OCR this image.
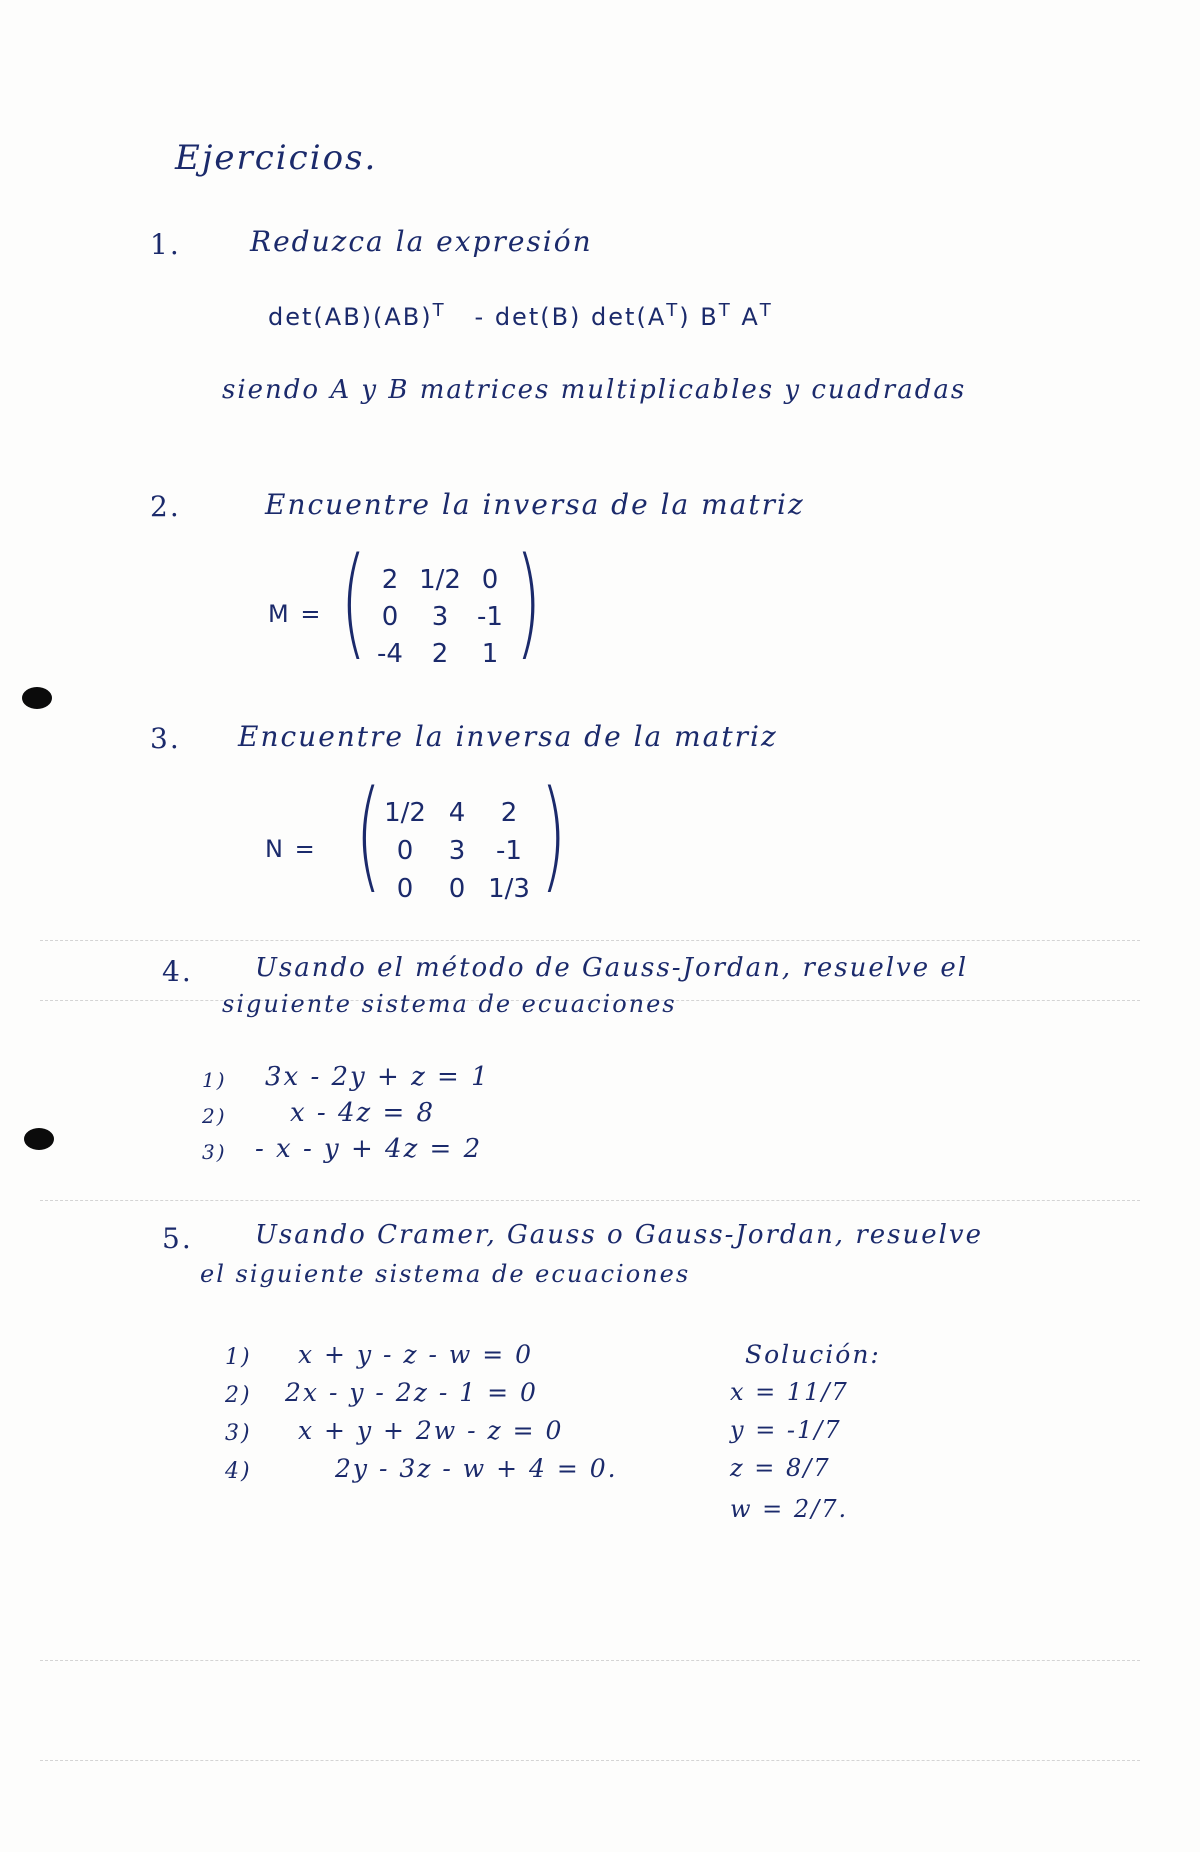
Ejercicios.
1. Reduzca la expresión
det(AB)(AB)$^T$ - det(B) $\det(A^T)$ $B^T$ $A^T$
siendo A y B matrices multiplicables y cuadradas
2.	Encuentre la inversa de la matriz
M = ( )
2 1/2 0
0	3	-1
-4	2	1
3. Encuentre la inversa de la matriz
N = ( )
1/2 4	2
0	3	-1
0	0 1/3
4. Usando el método de Gauss-Jordan, resuelve el
siguiente sistema de ecuaciones
1) 3x - 2y + z = 1
2) x - 4z = 8
3) - x - y + 4z = 2
5. Usando Cramer, Gauss o Gauss-Jordan, resuelve
el siguiente sistema de ecuaciones
1) x + y - z - w = 0
2) 2x - y - 2z - 1 = 0
3) x + y + 2w - z = 0
4)	2y - 3z - w + 4 = 0.
Solución:
x = 11/7
y = -1/7
z = 8/7
w = 2/7.
